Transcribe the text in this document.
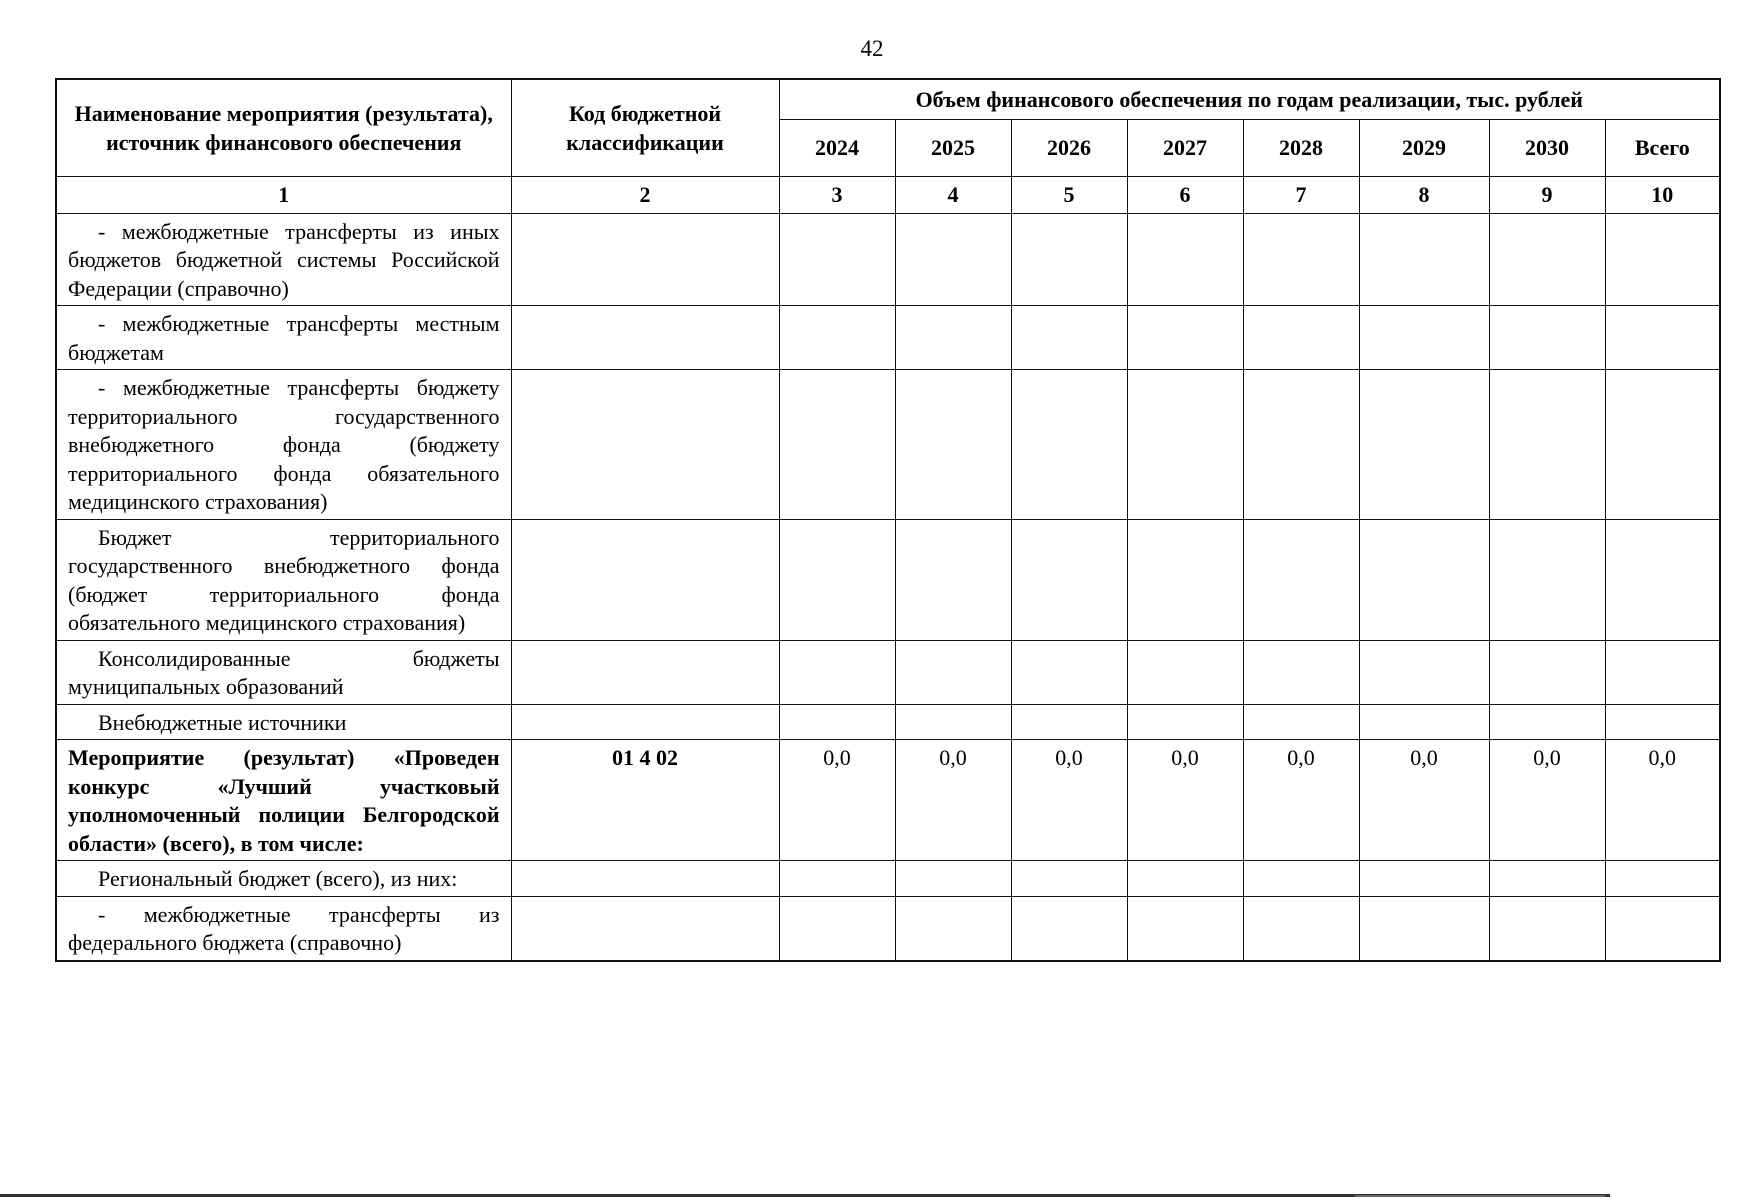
42
Наименование мероприятия (результата), источник финансового обеспечения	Код бюджетной классификации	Объем финансового обеспечения по годам реализации, тыс. рублей							
		2024	2025	2026	2027	2028	2029	2030	Всего
1	2	3	4	5	6	7	8	9	10
- межбюджетные трансферты из иных бюджетов бюджетной системы Российской Федерации (справочно)									
- межбюджетные трансферты местным бюджетам									
- межбюджетные трансферты бюджету территориального государственного внебюджетного фонда (бюджету территориального фонда обязательного медицинского страхования)									
Бюджет территориального государственного внебюджетного фонда (бюджет территориального фонда обязательного медицинского страхования)									
Консолидированные бюджеты муниципальных образований									
Внебюджетные источники									
Мероприятие (результат) «Проведен конкурс «Лучший участковый уполномоченный полиции Белгородской области» (всего), в том числе:	01 4 02	0,0	0,0	0,0	0,0	0,0	0,0	0,0	0,0
Региональный бюджет (всего), из них:									
- межбюджетные трансферты из федерального бюджета (справочно)									
